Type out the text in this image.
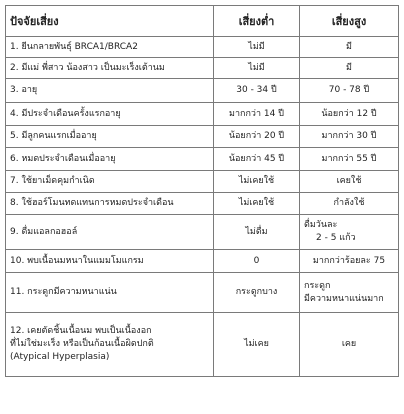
ปัจจัยเสี่ยง	เสี่ยงต่ำ	เสี่ยงสูง

1. ยีนกลายพันธุ์ BRCA1/BRCA2	ไม่มี	มี

2. มีแม่ พี่สาว น้องสาว เป็นมะเร็งเต้านม	ไม่มี	มี

3. อายุ	30 - 34 ปี	70 - 78 ปี

4. มีประจำเดือนครั้งแรกอายุ	มากกว่า 14 ปี	น้อยกว่า 12 ปี

5. มีลูกคนแรกเมื่ออายุ	น้อยกว่า 20 ปี	มากกว่า 30 ปี

6. หมดประจำเดือนเมื่ออายุ	น้อยกว่า 45 ปี	มากกว่า 55 ปี

7. ใช้ยาเม็ดคุมกำเนิด	ไม่เคยใช้	เคยใช้

8. ใช้ฮอร์โมนทดแทนการหมดประจำเดือน	ไม่เคยใช้	กำลังใช้

9. ดื่มแอลกอฮอล์	ไม่ดื่ม	ดื่มวันละ
2 - 5 แก้ว

10. พบเนื้อนมหนาในแมมโมแกรม	0	มากกว่าร้อยละ 75

11. กระดูกมีความหนาแน่น	กระดูกบาง	กระดูก
มีความหนาแน่นมาก

12. เคยตัดชิ้นเนื้อนม พบเป็นเนื้องอก
ที่ไม่ใช่มะเร็ง หรือเป็นก้อนเนื้อผิดปกติ
(Atypical Hyperplasia)	ไม่เคย	เคย
